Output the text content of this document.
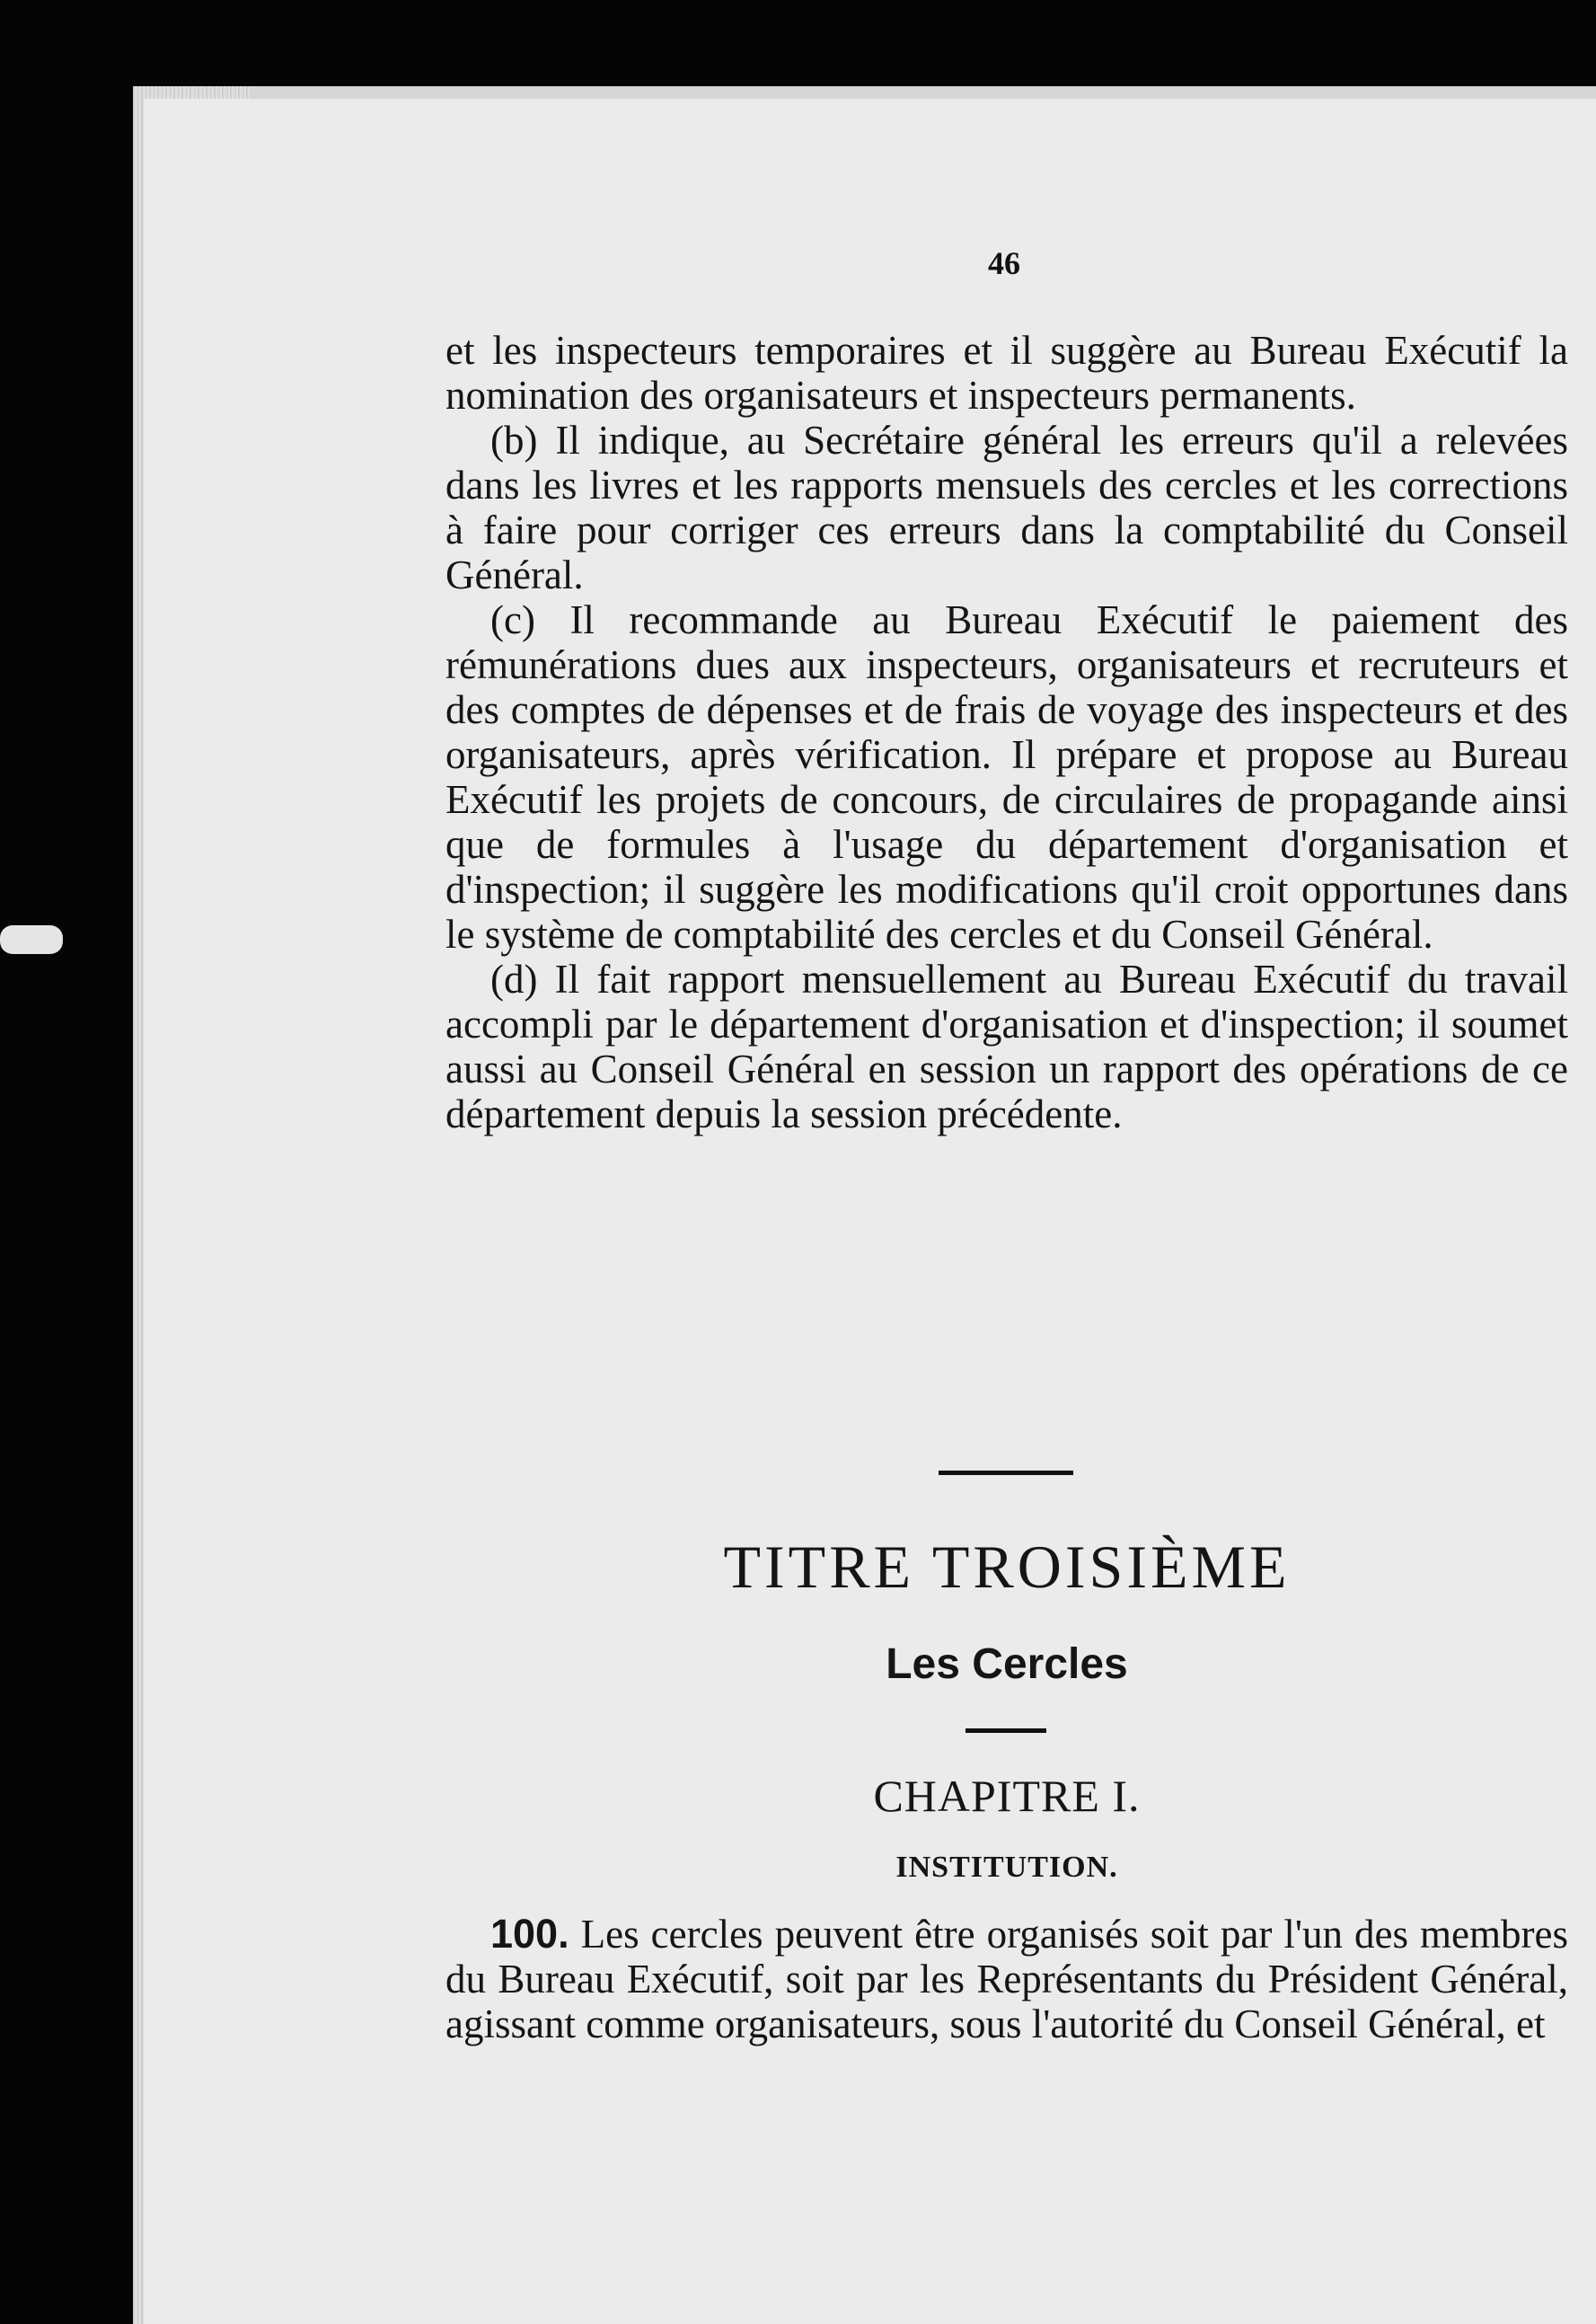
46

et les inspecteurs temporaires et il suggère au Bureau Exécutif la nomination des organisateurs et inspecteurs permanents.

(b) Il indique, au Secrétaire général les erreurs qu'il a relevées dans les livres et les rapports mensuels des cercles et les corrections à faire pour corriger ces erreurs dans la comptabilité du Conseil Général.

(c) Il recommande au Bureau Exécutif le paiement des rémunérations dues aux inspecteurs, organisateurs et recruteurs et des comptes de dépenses et de frais de voyage des inspecteurs et des organisateurs, après vérification. Il prépare et propose au Bureau Exécutif les projets de concours, de circulaires de propagande ainsi que de formules à l'usage du département d'organisation et d'inspection; il suggère les modifications qu'il croit opportunes dans le système de comptabilité des cercles et du Conseil Général.

(d) Il fait rapport mensuellement au Bureau Exécutif du travail accompli par le département d'organisation et d'inspection; il soumet aussi au Conseil Général en session un rapport des opérations de ce département depuis la session précédente.

TITRE TROISIÈME
Les Cercles
CHAPITRE I.
INSTITUTION.
100. Les cercles peuvent être organisés soit par l'un des membres du Bureau Exécutif, soit par les Représentants du Président Général, agissant comme organisateurs, sous l'autorité du Conseil Général, et
